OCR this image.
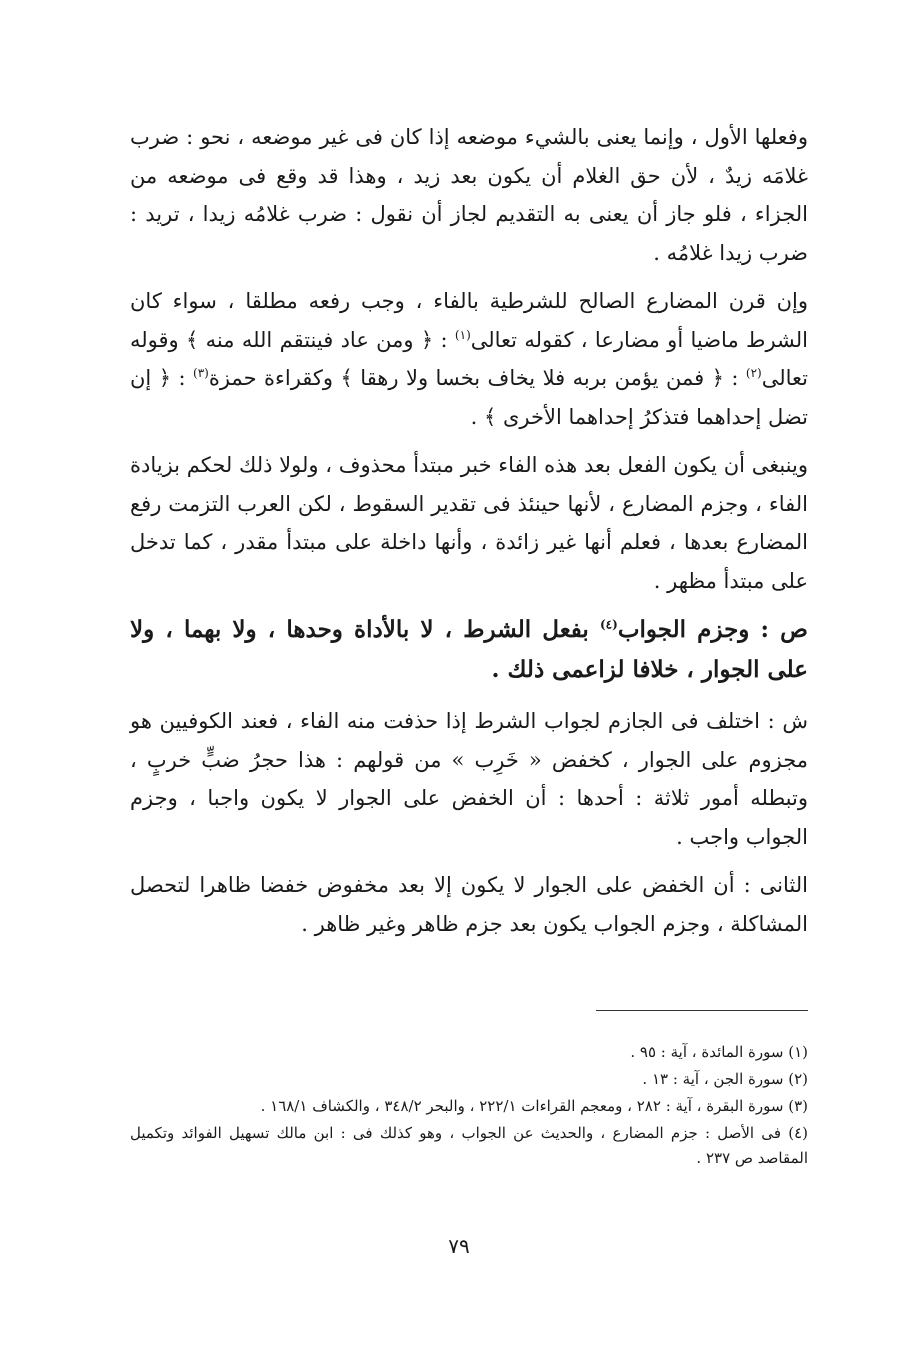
وفعلها الأول ، وإنما يعنى بالشيء موضعه إذا كان فى غير موضعه ، نحو : ضرب غلامَه زيدٌ ، لأن حق الغلام أن يكون بعد زيد ، وهذا قد وقع فى موضعه من الجزاء ، فلو جاز أن يعنى به التقديم لجاز أن نقول : ضرب غلامُه زيدا ، تريد : ضرب زيدا غلامُه .

وإن قرن المضارع الصالح للشرطية بالفاء ، وجب رفعه مطلقا ، سواء كان الشرط ماضيا أو مضارعا ، كقوله تعالى$^{(١)}$ : ﴿ ومن عاد فينتقم الله منه ﴾ وقوله تعالى$^{(٢)}$ : ﴿ فمن يؤمن بربه فلا يخاف بخسا ولا رهقا ﴾ وكقراءة حمزة$^{(٣)}$ : ﴿ إن تضل إحداهما فتذكرُ إحداهما الأخرى ﴾ .

وينبغى أن يكون الفعل بعد هذه الفاء خبر مبتدأ محذوف ، ولولا ذلك لحكم بزيادة الفاء ، وجزم المضارع ، لأنها حينئذ فى تقدير السقوط ، لكن العرب التزمت رفع المضارع بعدها ، فعلم أنها غير زائدة ، وأنها داخلة على مبتدأ مقدر ، كما تدخل على مبتدأ مظهر .

ص : وجزم الجواب$^{(٤)}$ بفعل الشرط ، لا بالأداة وحدها ، ولا بهما ، ولا على الجوار ، خلافا لزاعمى ذلك .

ش : اختلف فى الجازم لجواب الشرط إذا حذفت منه الفاء ، فعند الكوفيين هو مجزوم على الجوار ، كخفض « خَرِب » من قولهم : هذا حجرُ ضبٍّ خربٍ ، وتبطله أمور ثلاثة : أحدها : أن الخفض على الجوار لا يكون واجبا ، وجزم الجواب واجب .

الثانى : أن الخفض على الجوار لا يكون إلا بعد مخفوض خفضا ظاهرا لتحصل المشاكلة ، وجزم الجواب يكون بعد جزم ظاهر وغير ظاهر .

(١) سورة المائدة ، آية : ٩٥ .

(٢) سورة الجن ، آية : ١٣ .

(٣) سورة البقرة ، آية : ٢٨٢ ، ومعجم القراءات ٢٢٢/١ ، والبحر ٣٤٨/٢ ، والكشاف ١٦٨/١ .

(٤) فى الأصل : جزم المضارع ، والحديث عن الجواب ، وهو كذلك فى : ابن مالك تسهيل الفوائد وتكميل المقاصد ص ٢٣٧ .

٧٩
